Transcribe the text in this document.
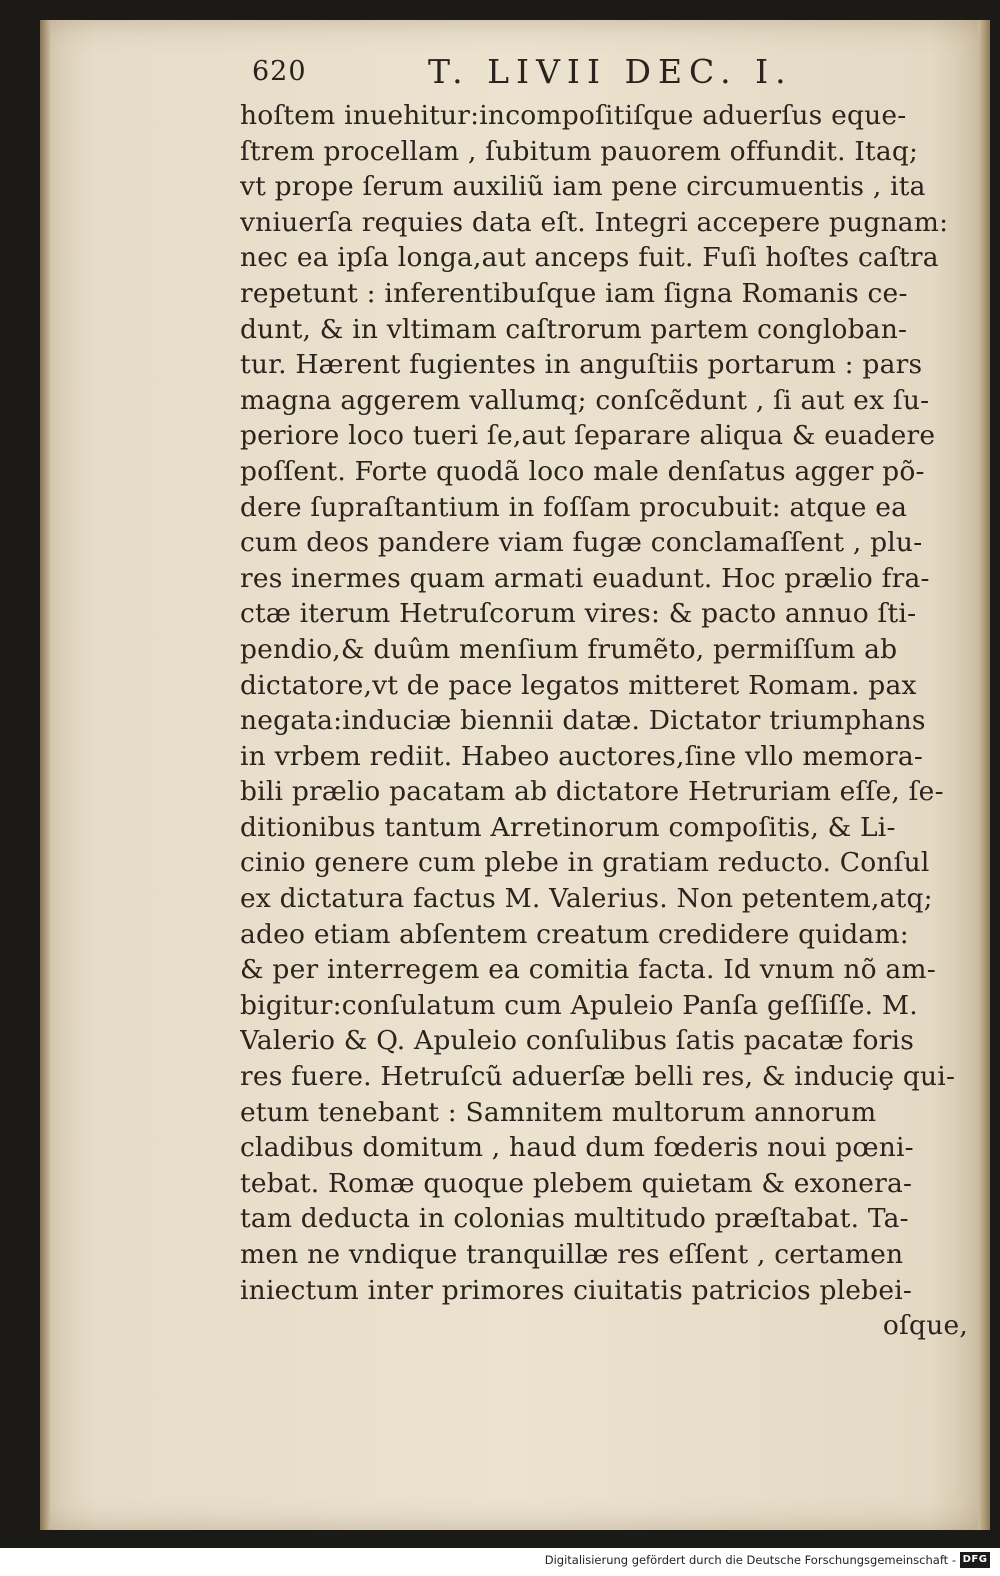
620	T. LIVII DEC. I.
hoſtem inuehitur:incompoſitiſque aduerſus eque-
ſtrem procellam , ſubitum pauorem offundit. Itaq;
vt prope ſerum auxiliũ iam pene circumuentis , ita
vniuerſa requies data eſt. Integri accepere pugnam:
nec ea ipſa longa,aut anceps fuit. Fuſi hoſtes caſtra
repetunt : inferentibuſque iam ſigna Romanis ce-
dunt, & in vltimam caſtrorum partem congloban-
tur. Hærent fugientes in anguſtiis portarum : pars
magna aggerem vallumq; conſcẽdunt , ſi aut ex ſu-
periore loco tueri ſe,aut ſeparare aliqua & euadere
poſſent. Forte quodã loco male denſatus agger põ-
dere ſupraſtantium in foſſam procubuit: atque ea
cum deos pandere viam fugæ conclamaſſent , plu-
res inermes quam armati euadunt. Hoc prælio fra-
ctæ iterum Hetruſcorum vires: & pacto annuo ſti-
pendio,& duûm menſium frumẽto, permiſſum ab
dictatore,vt de pace legatos mitteret Romam. pax
negata:induciæ biennii datæ. Dictator triumphans
in vrbem rediit. Habeo auctores,ſine vllo memora-
bili prælio pacatam ab dictatore Hetruriam eſſe, ſe-
ditionibus tantum Arretinorum compoſitis, & Li-
cinio genere cum plebe in gratiam reducto. Conſul
ex dictatura factus M. Valerius. Non petentem,atq;
adeo etiam abſentem creatum credidere quidam:
& per interregem ea comitia facta. Id vnum nõ am-
bigitur:conſulatum cum Apuleio Panſa geſſiſſe. M.
Valerio & Q. Apuleio conſulibus ſatis pacatæ foris
res fuere. Hetruſcũ aduerſæ belli res, & induciȩ qui-
etum tenebant : Samnitem multorum annorum
cladibus domitum , haud dum fœderis noui pœni-
tebat. Romæ quoque plebem quietam & exonera-
tam deducta in colonias multitudo præſtabat. Ta-
men ne vndique tranquillæ res eſſent , certamen
iniectum inter primores ciuitatis patricios plebei-
oſque,
Digitalisierung gefördert durch die Deutsche Forschungsgemeinschaft - DFG
